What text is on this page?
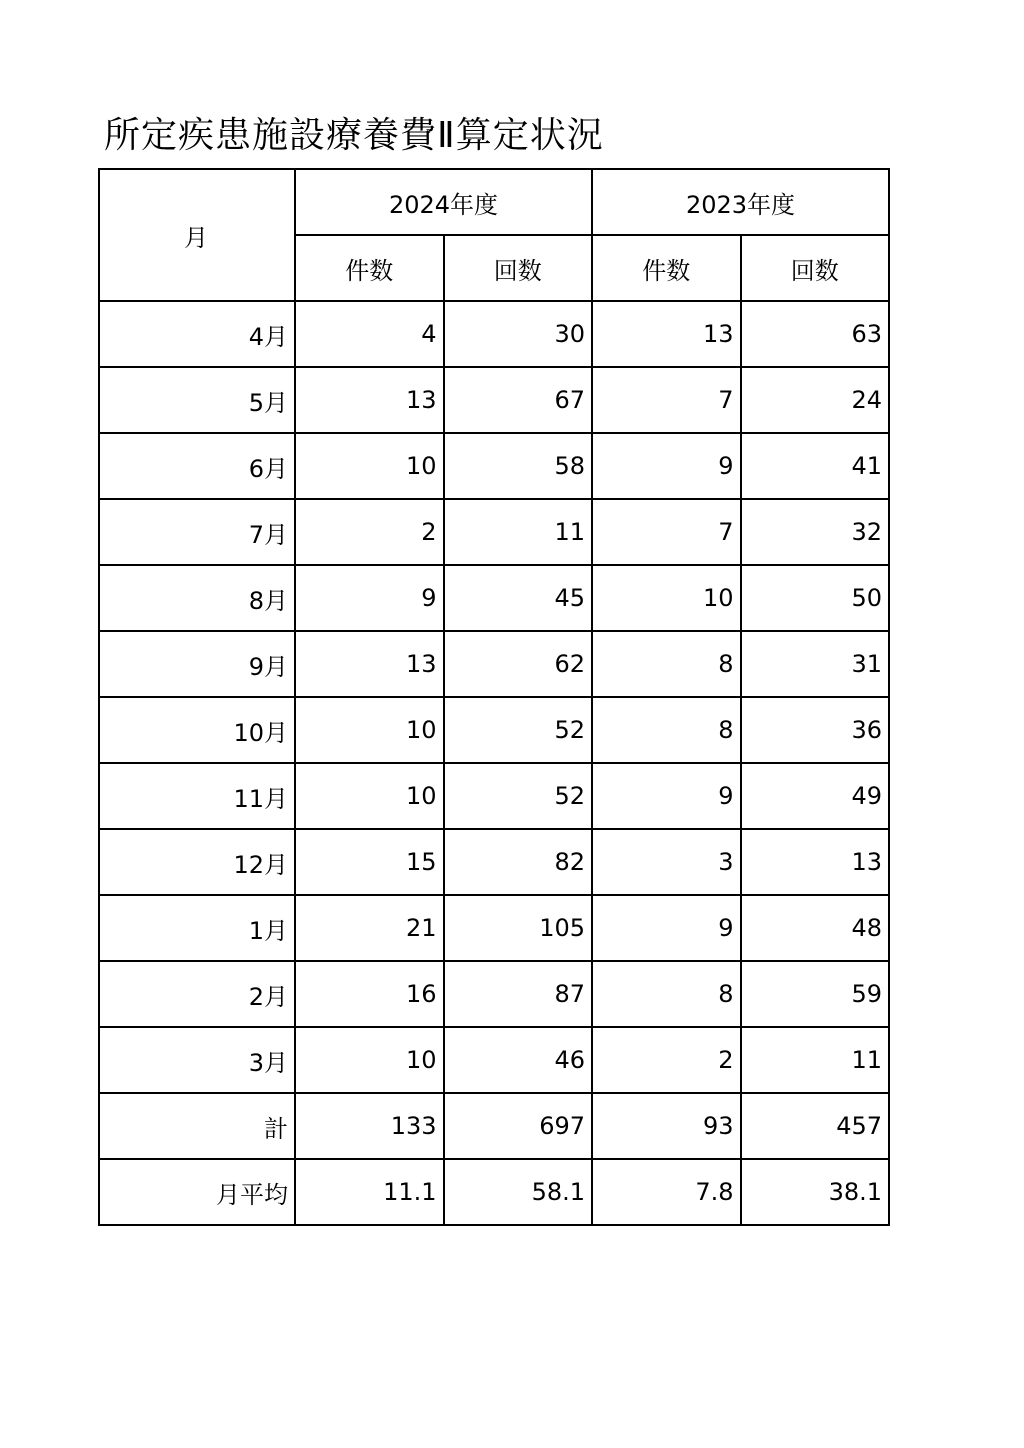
所定疾患施設療養費Ⅱ算定状況
月	2024年度		2023年度	
	件数	回数	件数	回数
4月	4	30	13	63
5月	13	67	7	24
6月	10	58	9	41
7月	2	11	7	32
8月	9	45	10	50
9月	13	62	8	31
10月	10	52	8	36
11月	10	52	9	49
12月	15	82	3	13
1月	21	105	9	48
2月	16	87	8	59
3月	10	46	2	11
計	133	697	93	457
月平均	11.1	58.1	7.8	38.1
